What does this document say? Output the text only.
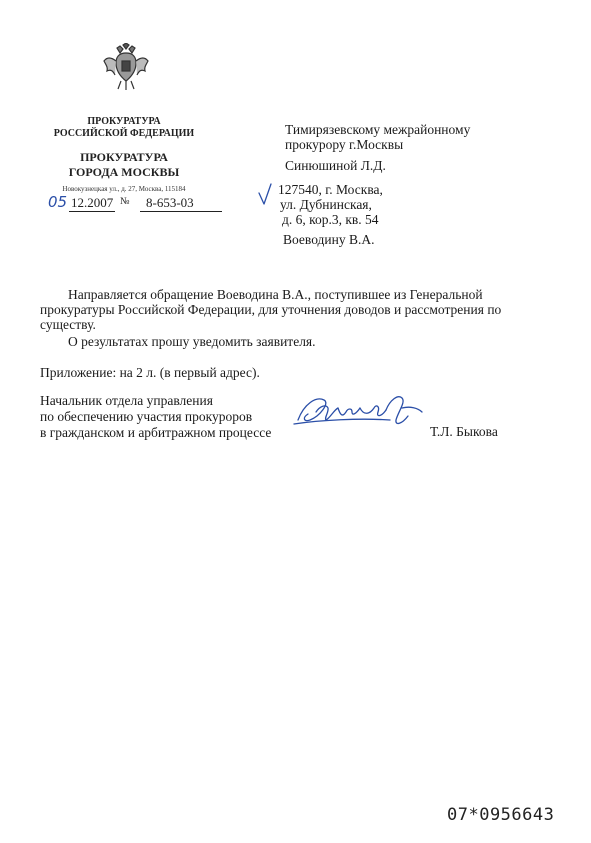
ПРОКУРАТУРА
РОССИЙСКОЙ ФЕДЕРАЦИИ
ПРОКУРАТУРА
ГОРОДА МОСКВЫ
Новокузнецкая ул., д. 27, Москва, 115184
05 12.2007 №	8-653-03
Тимирязевскому межрайонному
прокурору г.Москвы
Синюшиной Л.Д.
127540, г. Москва,
ул. Дубнинская,
д. 6, кор.3, кв. 54
Воеводину В.А.
Направляется обращение Воеводина В.А., поступившее из Генеральной прокуратуры Российской Федерации, для уточнения доводов и рассмотрения по существу.
О результатах прошу уведомить заявителя.
Приложение: на 2 л. (в первый адрес).
Начальник отдела управления
по обеспечению участия прокуроров
в гражданском и арбитражном процессе	Т.Л. Быкова
07*0956643
